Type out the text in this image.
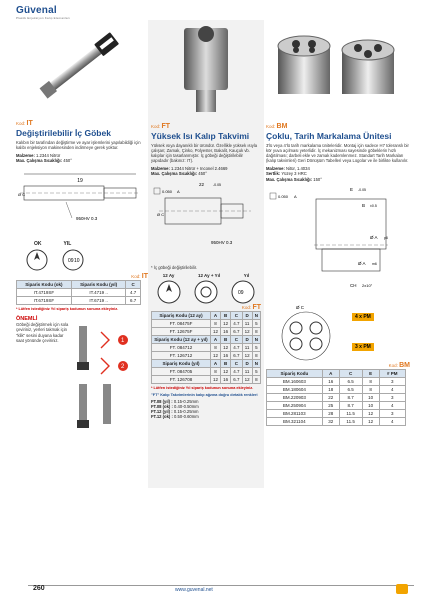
Güvenal
Plastik Enjeksiyon Kalıp Elemanları
Kod: IT
Değiştirilebilir İç Göbek
Kalıbın bir tarafından değiştirme ve ayar işlemlerini yapılabildiği için kalıbı enjeksiyon makinesinden indirmeye gerek yoktur.
Malzeme: 1.2344 Nitrür
Max. Çalışma Sıcaklığı: 450°
19
Ø C
950HV 0.3
OK	YIL
09 10
Kod: IT
Siparis Kodu (ok)	Siparis Kodu (yıl)	C
IT.4719SF	IT.4719 ..	4.7
IT.6719SF	IT.6719 ..	6.7
* Lütfen istediğiniz Yıl sipariş kodunun sonuna ekleyiniz.
ÖNEMLİ
Göbeği değiştirmek için sola çeviriniz, yerleri takmak için "klik" sesini duyana kadar saat yönünde çeviriniz.	1
2
Kod: FT
Yüksek Isı Kalıp Takvimi
Yüksek ısıya dayanıklı bir üründür. Özellikle yüksek ısıyla çalışan; Zamak, Çinko, Polyester, Bakalit, Kauçuk vb. kalıplar için tasarlanmıştır. İç göbeği değiştirilebilir yapıdadır (bakınız: IT).
Malzeme: 1.2344 Nitrür + Inconel 2.4669
Max. Çalışma Sıcaklığı: 450°
22	-0.05
0.050 A
Ø C
950HV 0.3
* İç göbeği değiştirilebilir.
12 Ay	12 Ay + Yıl	Yıl
09
Kod: FT
Sipariş Kodu (12 ay)	A	B	C	D	N
FT. 08475F	8	12	4.7	11	5
FT. 12675F	12	16	6.7	12	8
Sipariş Kodu (12 ay + yıl)	A	B	C	D	N
FT. 084712	8	12	4.7	11	5
FT. 126712	12	16	6.7	12	8
Sipariş Kodu (yıl)	A	B	C	D	N
FT. 084705	8	12	4.7	11	5
FT. 126708	12	16	6.7	12	8
* Lütfen istediğiniz Yıl sipariş kodunun sonuna ekleyiniz.
"FT" Kalıp Takvimlerinin kalıp ağzına doğru dırtalık renkleri
FT.08 (yıl) : 0.15-0.25mm
FT.08 (ok) : 0.40-0.50mm
FT.12 (yıl) : 0.15-0.25mm
FT.12 (ok) : 0.50-0.60mm
Kod: BM
Çoklu, Tarih Markalama Ünitesi
3'lü veya 4'lü tarih markalama üniteleridir. Montaj için sadece H7 toleranslı bir kör yuva açılması yeterlidir. İç mekanizması sayesinde göbeklerin hızlı dağıtılması; darbeli ekle ve zamak kademlenmez. Standart Tarih Markaları (kalıp takvimleri) Geri Dönüşüm Tabelleri veya Logolar ve ile birlikte kullanılır.
Malzeme: Nitür, 1.4034
Sertlik: Yüzey 3 HRC
Max. Çalışma Sıcaklığı: 150°
0.050 A
E -0.05
B ±0.5
Ø A p6
Ø A m6
CH 2x10°
Ø C
4 x PM
3 x PM
Kod: BM
Sipariş Kodu	A	C	E	# PM
BM.160603	16	6.5	8	3
BM.180604	18	6.5	8	4
BM.220903	22	8.7	10	3
BM.250904	25	8.7	10	4
BM.281103	28	11.5	12	3
BM.321104	32	11.5	12	4
260	www.guvenal.net
